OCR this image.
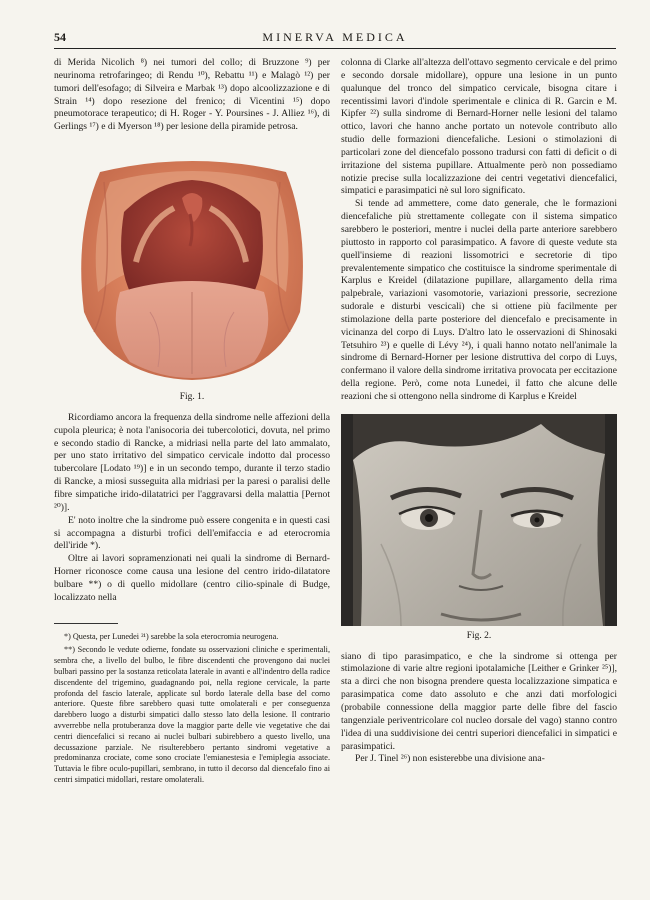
54	MINERVA MEDICA

di Merida Nicolich ⁸) nei tumori del collo; di Bruzzone ⁹) per neurinoma retrofaringeo; di Rendu ¹⁰), Rebattu ¹¹) e Malagò ¹²) per tumori dell'esofago; di Silveira e Marbak ¹³) dopo alcoolizzazione e di Strain ¹⁴) dopo resezione del frenico; di Vicentini ¹⁵) dopo pneumotorace terapeutico; di H. Roger - Y. Poursines - J. Alliez ¹⁶), di Gerlings ¹⁷) e di Myerson ¹⁸) per lesione della piramide petrosa.

Fig. 1.

Ricordiamo ancora la frequenza della sindrome nelle affezioni della cupola pleurica; è nota l'anisocoria dei tubercolotici, dovuta, nel primo e secondo stadio di Rancke, a midriasi nella parte del lato ammalato, per uno stato irritativo del simpatico cervicale indotto dal processo tubercolare [Lodato ¹⁹)] e in un secondo tempo, durante il terzo stadio di Rancke, a miosi susseguita alla midriasi per la paresi o paralisi delle fibre simpatiche irido-dilatatrici per l'aggravarsi della malattia [Pernot ²⁰)].

E' noto inoltre che la sindrome può essere congenita e in questi casi si accompagna a disturbi trofici dell'emifaccia e ad eterocromia dell'iride *).

Oltre ai lavori sopramenzionati nei quali la sindrome di Bernard-Horner riconosce come causa una lesione del centro irido-dilatatore bulbare **) o di quello midollare (centro cilio-spinale di Budge, localizzato nella

*) Questa, per Lunedei ²¹) sarebbe la sola eterocromia neurogena.

**) Secondo le vedute odierne, fondate su osservazioni cliniche e sperimentali, sembra che, a livello del bulbo, le fibre discendenti che provengono dai nuclei bulbari passino per la sostanza reticolata laterale in avanti e all'indentro della radice discendente del trigemino, guadagnando poi, nella regione cervicale, la parte profonda del fascio laterale, applicate sul bordo laterale della base del corno anteriore. Queste fibre sarebbero quasi tutte omolaterali e per conseguenza darebbero luogo a disturbi simpatici dallo stesso lato della lesione. Il contrario avverrebbe nella protuberanza dove la maggior parte delle vie vegetative che dai centri diencefalici si recano ai nuclei bulbari subirebbero a questo livello, una decussazione parziale. Ne risulterebbero pertanto sindromi vegetative a predominanza crociate, come sono crociate l'emianestesia e l'emiplegia associate. Tuttavia le fibre oculo-pupillari, sembrano, in tutto il decorso dal diencefalo fino ai centri simpatici midollari, restare omolaterali.

colonna di Clarke all'altezza dell'ottavo segmento cervicale e del primo e secondo dorsale midollare), oppure una lesione in un punto qualunque del tronco del simpatico cervicale, bisogna citare i recentissimi lavori d'indole sperimentale e clinica di R. Garcin e M. Kipfer ²²) sulla sindrome di Bernard-Horner nelle lesioni del talamo ottico, lavori che hanno anche portato un notevole contributo allo studio delle formazioni diencefaliche. Lesioni o stimolazioni di particolari zone del diencefalo possono tradursi con fatti di deficit o di irritazione del sistema pupillare. Attualmente però non possediamo notizie precise sulla localizzazione dei centri vegetativi diencefalici, simpatici e parasimpatici nè sul loro significato.

Si tende ad ammettere, come dato generale, che le formazioni diencefaliche più strettamente collegate con il sistema simpatico sarebbero le posteriori, mentre i nuclei della parte anteriore sarebbero piuttosto in rapporto col parasimpatico. A favore di queste vedute sta quell'insieme di reazioni lissomotrici e secretorie di tipo prevalentemente simpatico che costituisce la sindrome sperimentale di Karplus e Kreidel (dilatazione pupillare, allargamento della rima palpebrale, variazioni vasomotorie, variazioni pressorie, secrezione sudorale e disturbi vescicali) che si ottiene più facilmente per stimolazione della parte posteriore del diencefalo e precisamente in vicinanza del corpo di Luys. D'altro lato le osservazioni di Shinosaki Tetsuhiro ²³) e quelle di Lévy ²⁴), i quali hanno notato nell'animale la sindrome di Bernard-Horner per lesione distruttiva del corpo di Luys, confermano il valore della sindrome irritativa provocata per eccitazione della regione. Però, come nota Lunedei, il fatto che alcune delle reazioni che si ottengono nella sindrome di Karplus e Kreidel

Fig. 2.

siano di tipo parasimpatico, e che la sindrome si ottenga per stimolazione di varie altre regioni ipotalamiche [Leither e Grinker ²⁵)], sta a dirci che non bisogna prendere questa localizzazione simpatica e parasimpatica come dato assoluto e che anzi dati morfologici (probabile connessione della maggior parte delle fibre del fascio tangenziale periventricolare col nucleo dorsale del vago) stanno contro l'idea di una suddivisione dei centri superiori diencefalici in simpatici e parasimpatici.

Per J. Tinel ²⁶) non esisterebbe una divisione ana-
